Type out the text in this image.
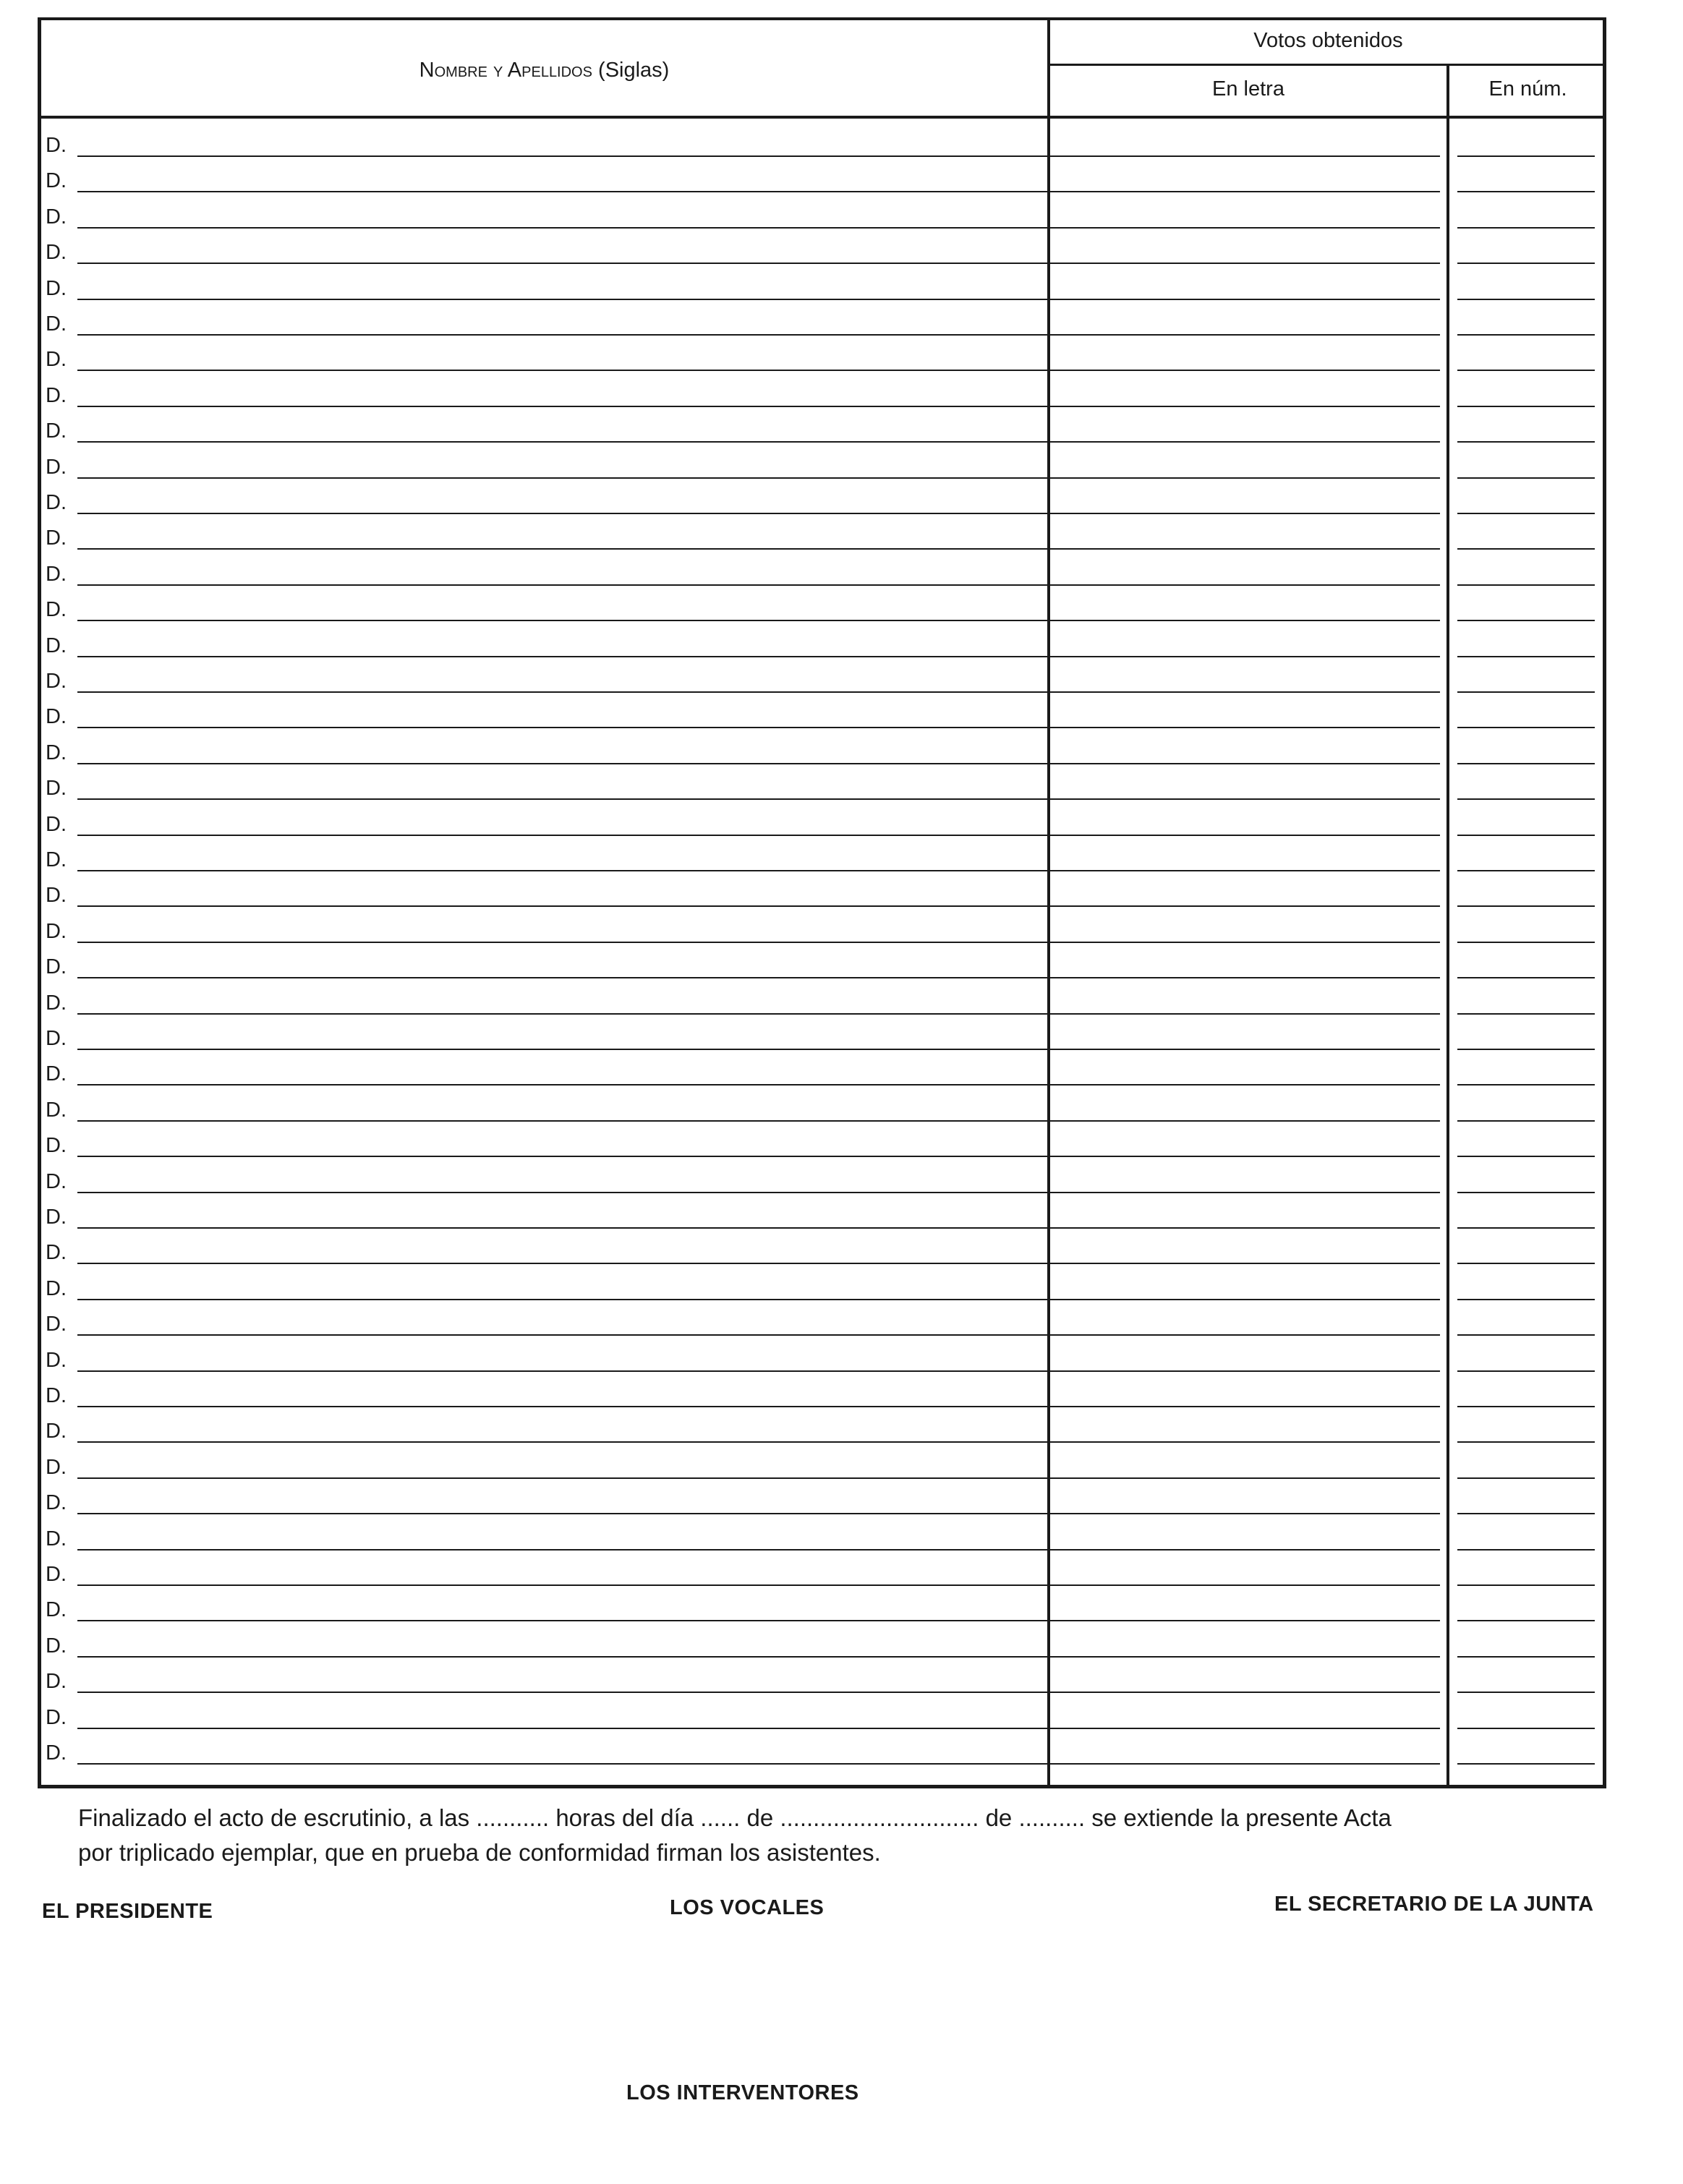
Nombre y Apellidos (Siglas)
Votos obtenidos
En letra	En núm.
D.
D.
D.
D.
D.
D.
D.
D.
D.
D.
D.
D.
D.
D.
D.
D.
D.
D.
D.
D.
D.
D.
D.
D.
D.
D.
D.
D.
D.
D.
D.
D.
D.
D.
D.
D.
D.
D.
D.
D.
D.
D.
D.
D.
D.
D.

Finalizado el acto de escrutinio, a las ........... horas del día ...... de .............................. de .......... se extiende la presente Acta

por triplicado ejemplar, que en prueba de conformidad firman los asistentes.

EL PRESIDENTE	LOS VOCALES	EL SECRETARIO DE LA JUNTA
LOS INTERVENTORES
